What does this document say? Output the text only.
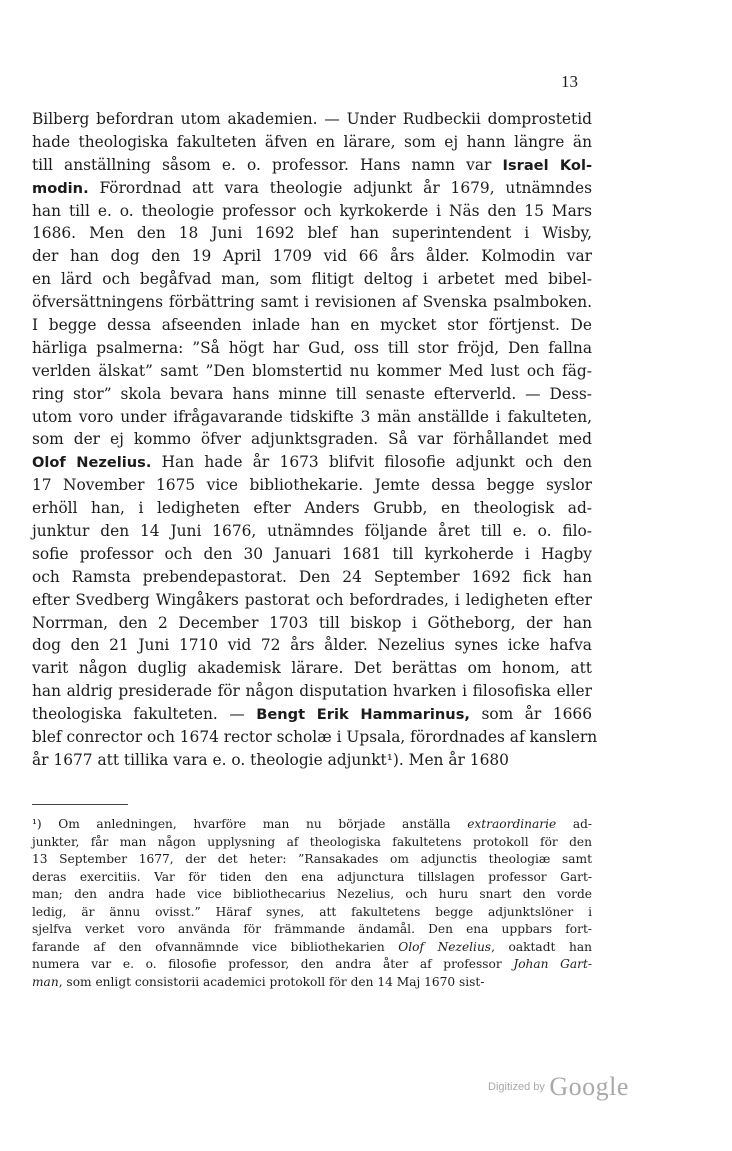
13
Bilberg befordran utom akademien. — Under Rudbeckii domprostetid
hade theologiska fakulteten äfven en lärare, som ej hann längre än
till anställning såsom e. o. professor. Hans namn var Israel Kol-
modin. Förordnad att vara theologie adjunkt år 1679, utnämndes
han till e. o. theologie professor och kyrkokerde i Näs den 15 Mars
1686. Men den 18 Juni 1692 blef han superintendent i Wisby,
der han dog den 19 April 1709 vid 66 års ålder. Kolmodin var
en lärd och begåfvad man, som flitigt deltog i arbetet med bibel-
öfversättningens förbättring samt i revisionen af Svenska psalmboken.
I begge dessa afseenden inlade han en mycket stor förtjenst. De
härliga psalmerna: ”Så högt har Gud, oss till stor fröjd, Den fallna
verlden älskat” samt ”Den blomstertid nu kommer Med lust och fäg-
ring stor” skola bevara hans minne till senaste efterverld. — Dess-
utom voro under ifrågavarande tidskifte 3 män anställde i fakulteten,
som der ej kommo öfver adjunktsgraden. Så var förhållandet med
Olof Nezelius. Han hade år 1673 blifvit filosofie adjunkt och den
17 November 1675 vice bibliothekarie. Jemte dessa begge syslor
erhöll han, i ledigheten efter Anders Grubb, en theologisk ad-
junktur den 14 Juni 1676, utnämndes följande året till e. o. filo-
sofie professor och den 30 Januari 1681 till kyrkoherde i Hagby
och Ramsta prebendepastorat. Den 24 September 1692 fick han
efter Svedberg Wingåkers pastorat och befordrades, i ledigheten efter
Norrman, den 2 December 1703 till biskop i Götheborg, der han
dog den 21 Juni 1710 vid 72 års ålder. Nezelius synes icke hafva
varit någon duglig akademisk lärare. Det berättas om honom, att
han aldrig presiderade för någon disputation hvarken i filosofiska eller
theologiska fakulteten. — Bengt Erik Hammarinus, som år 1666
blef conrector och 1674 rector scholæ i Upsala, förordnades af kanslern
år 1677 att tillika vara e. o. theologie adjunkt¹). Men år 1680
¹) Om anledningen, hvarföre man nu började anställa extraordinarie ad-
junkter, får man någon upplysning af theologiska fakultetens protokoll för den
13 September 1677, der det heter: ”Ransakades om adjunctis theologiæ samt
deras exercitiis. Var för tiden den ena adjunctura tillslagen professor Gart-
man; den andra hade vice bibliothecarius Nezelius, och huru snart den vorde
ledig, är ännu ovisst.” Häraf synes, att fakultetens begge adjunktslöner i
sjelfva verket voro använda för främmande ändamål. Den ena uppbars fort-
farande af den ofvannämnde vice bibliothekarien Olof Nezelius, oaktadt han
numera var e. o. filosofie professor, den andra åter af professor Johan Gart-
man, som enligt consistorii academici protokoll för den 14 Maj 1670 sist-
$^{Digitized by}$ Google
